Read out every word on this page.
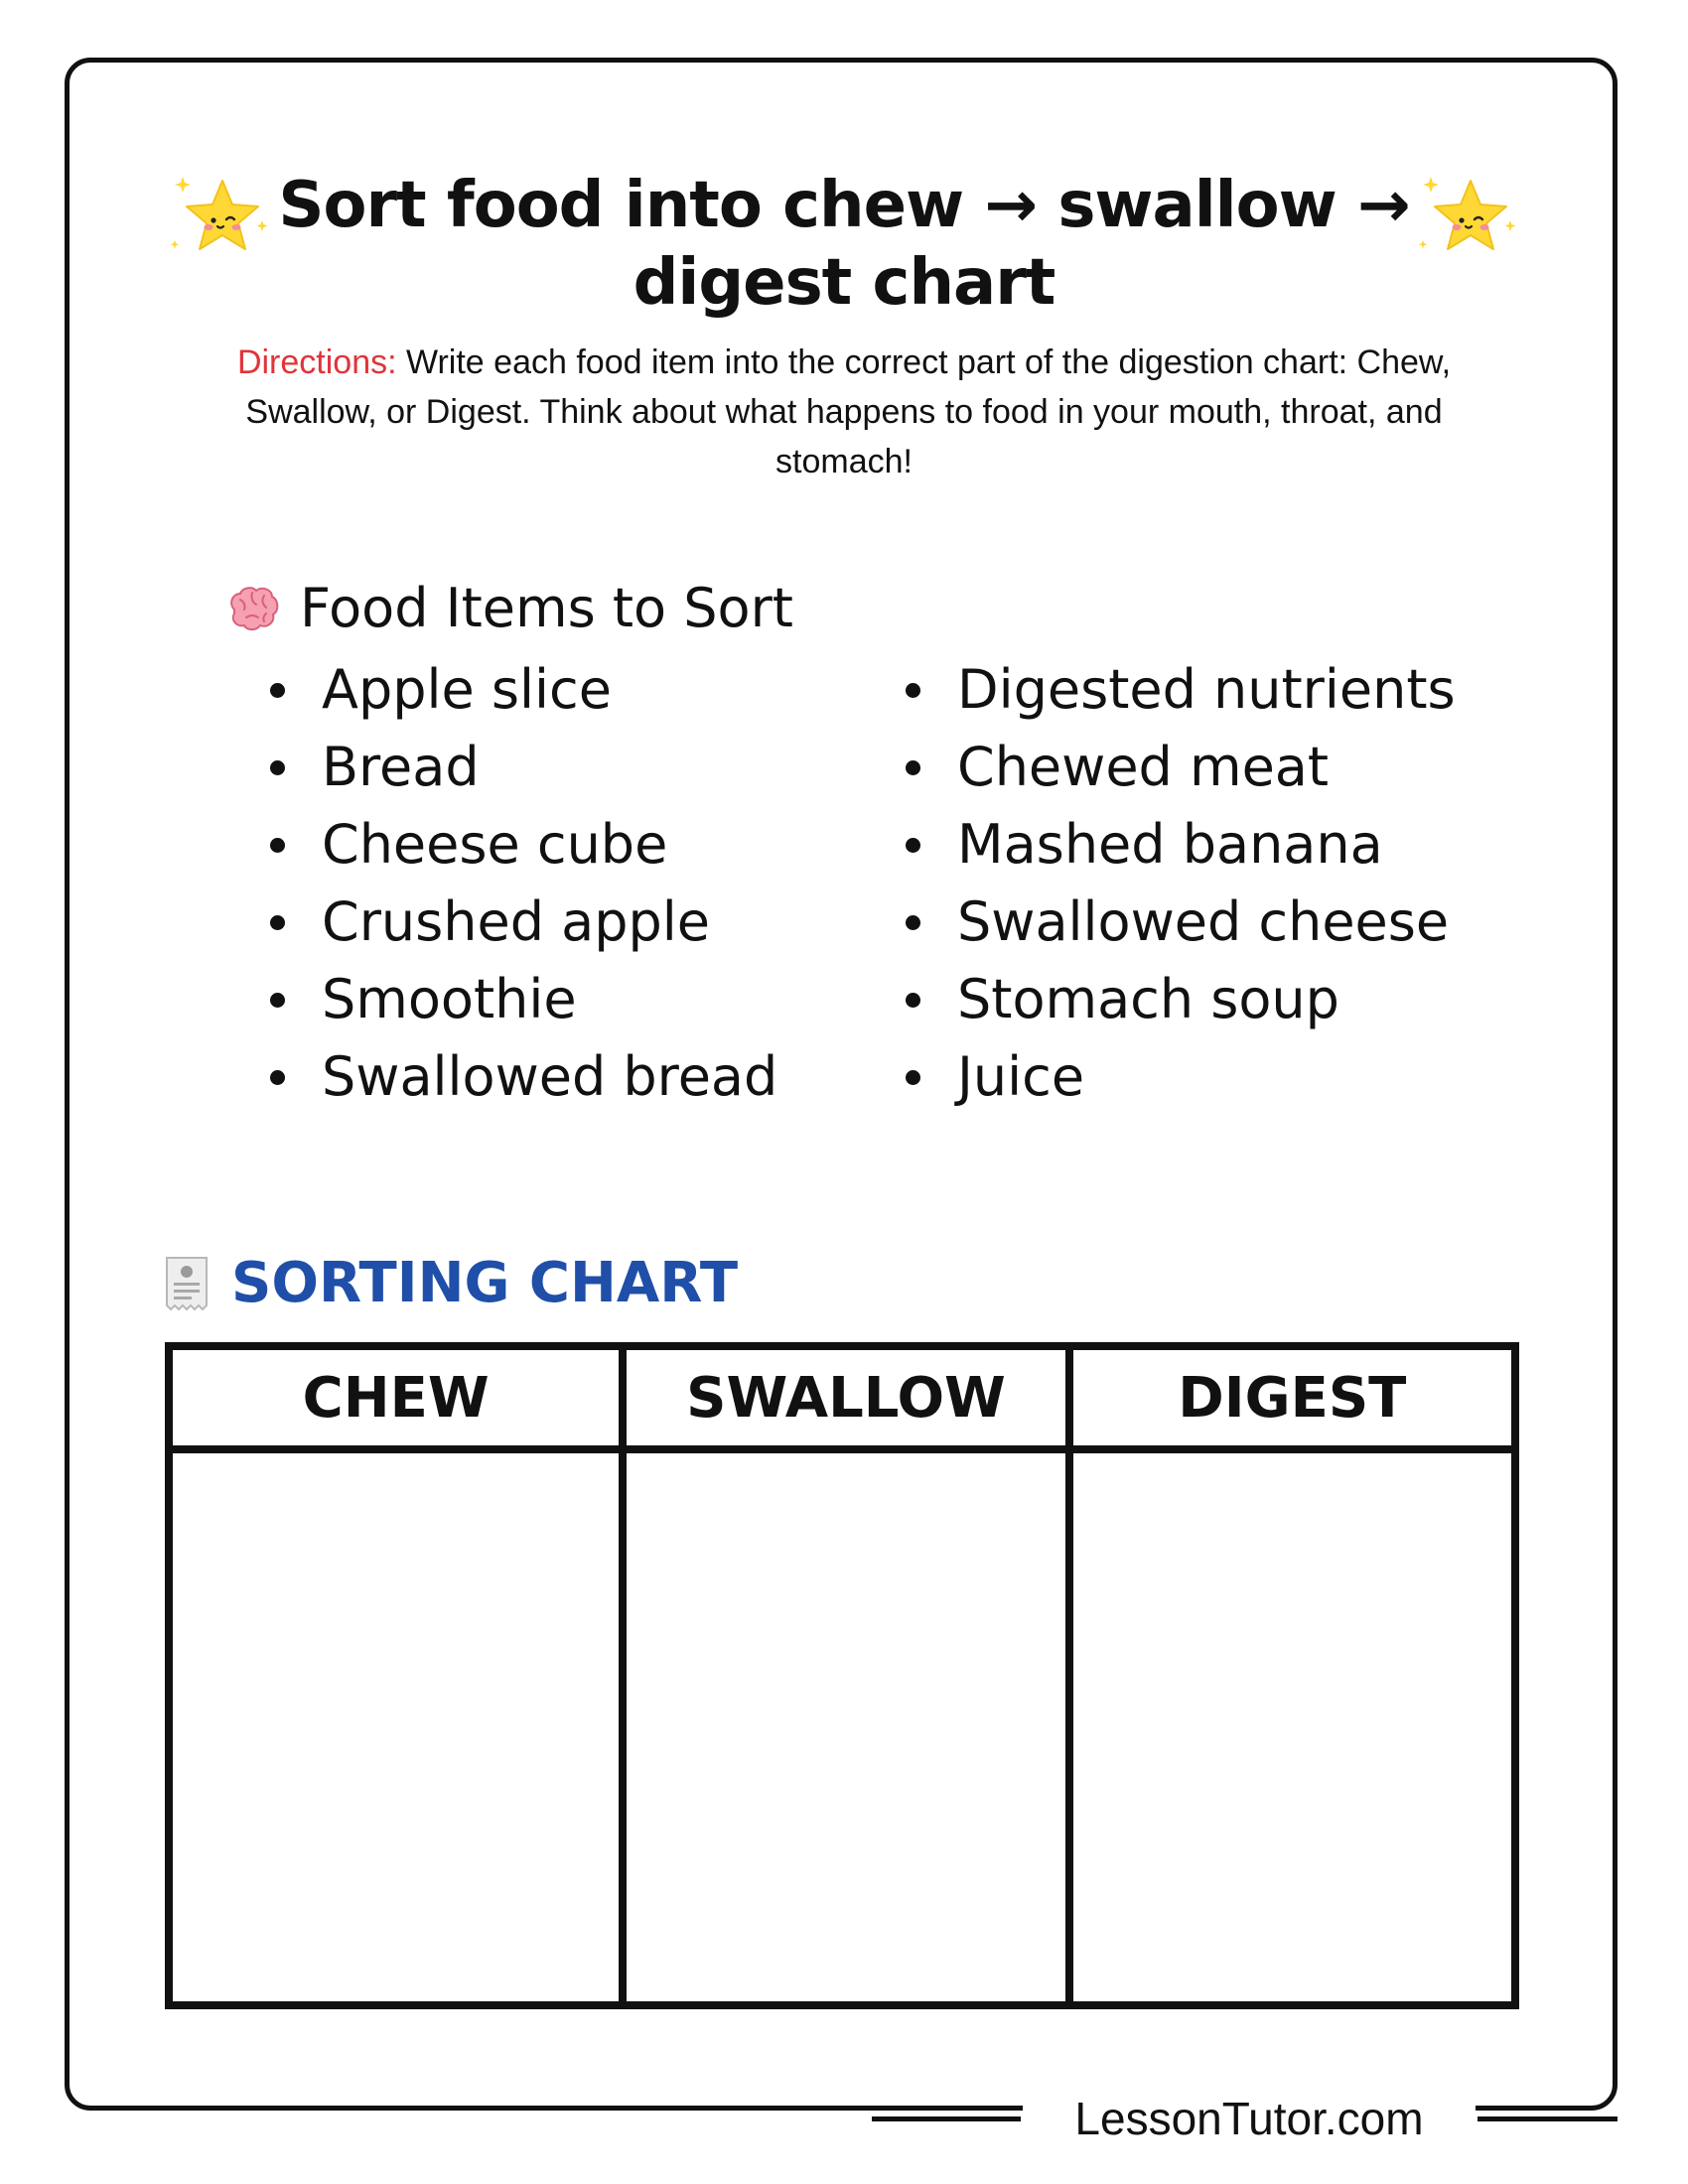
Sort food into chew → swallow →
digest chart

Directions: Write each food item into the correct part of the digestion chart: Chew, Swallow, or Digest. Think about what happens to food in your mouth, throat, and stomach!

Food Items to Sort
Apple slice
Bread
Cheese cube
Crushed apple
Smoothie
Swallowed bread
Digested nutrients
Chewed meat
Mashed banana
Swallowed cheese
Stomach soup
Juice
SORTING CHART
CHEW	SWALLOW	DIGEST
LessonTutor.com
